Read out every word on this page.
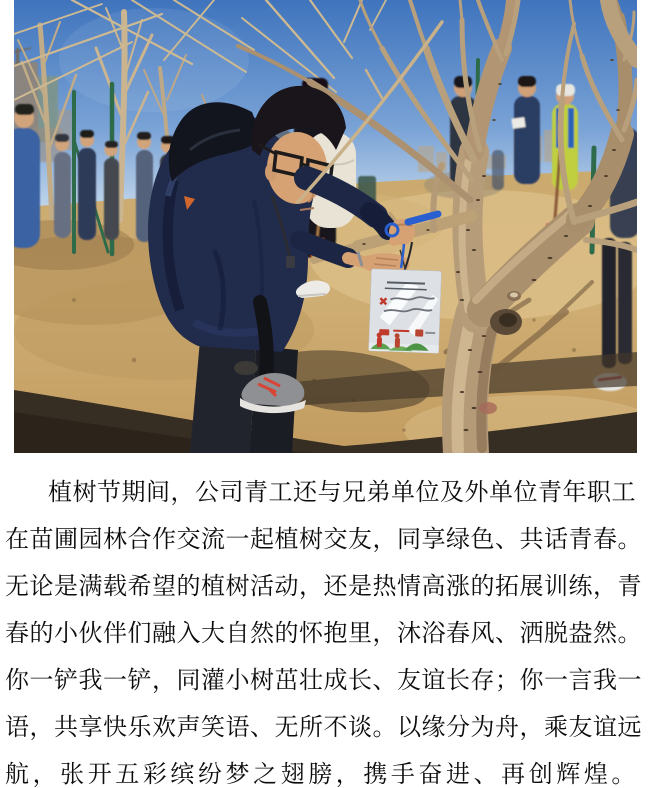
植 树 节 期 间 ， 公 司 青 工 还 与 兄 弟 单 位 及 外 单 位 青 年 职 工
在 苗 圃 园 林 合 作 交 流 一 起 植 树 交 友 ， 同 享 绿 色 、 共 话 青 春 。
无 论 是 满 载 希 望 的 植 树 活 动 ， 还 是 热 情 高 涨 的 拓 展 训 练 ， 青
春 的 小 伙 伴 们 融 入 大 自 然 的 怀 抱 里 ， 沐 浴 春 风 、 洒 脱 盎 然 。
你 一 铲 我 一 铲 ， 同 灌 小 树 茁 壮 成 长 、 友 谊 长 存 ； 你 一 言 我 一
语 ， 共 享 快 乐 欢 声 笑 语 、 无 所 不 谈 。 以 缘 分 为 舟 ， 乘 友 谊 远
航 ， 张 开 五 彩 缤 纷 梦 之 翅 膀 ， 携 手 奋 进 、 再 创 辉 煌 。
